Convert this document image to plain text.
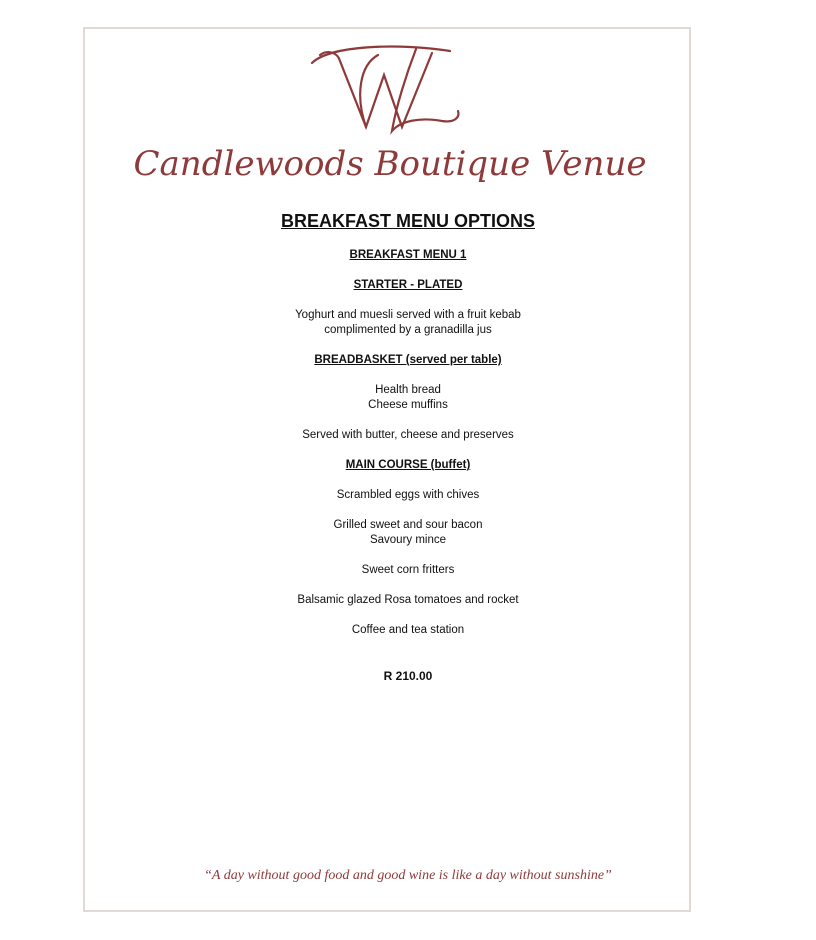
Candlewoods Boutique Venue
BREAKFAST MENU OPTIONS
BREAKFAST MENU 1
STARTER - PLATED
Yoghurt and muesli served with a fruit kebab
complimented by a granadilla jus
BREADBASKET (served per table)
Health bread
Cheese muffins
Served with butter, cheese and preserves
MAIN COURSE (buffet)
Scrambled eggs with chives
Grilled sweet and sour bacon
Savoury mince
Sweet corn fritters
Balsamic glazed Rosa tomatoes and rocket
Coffee and tea station
R 210.00
“A day without good food and good wine is like a day without sunshine”
